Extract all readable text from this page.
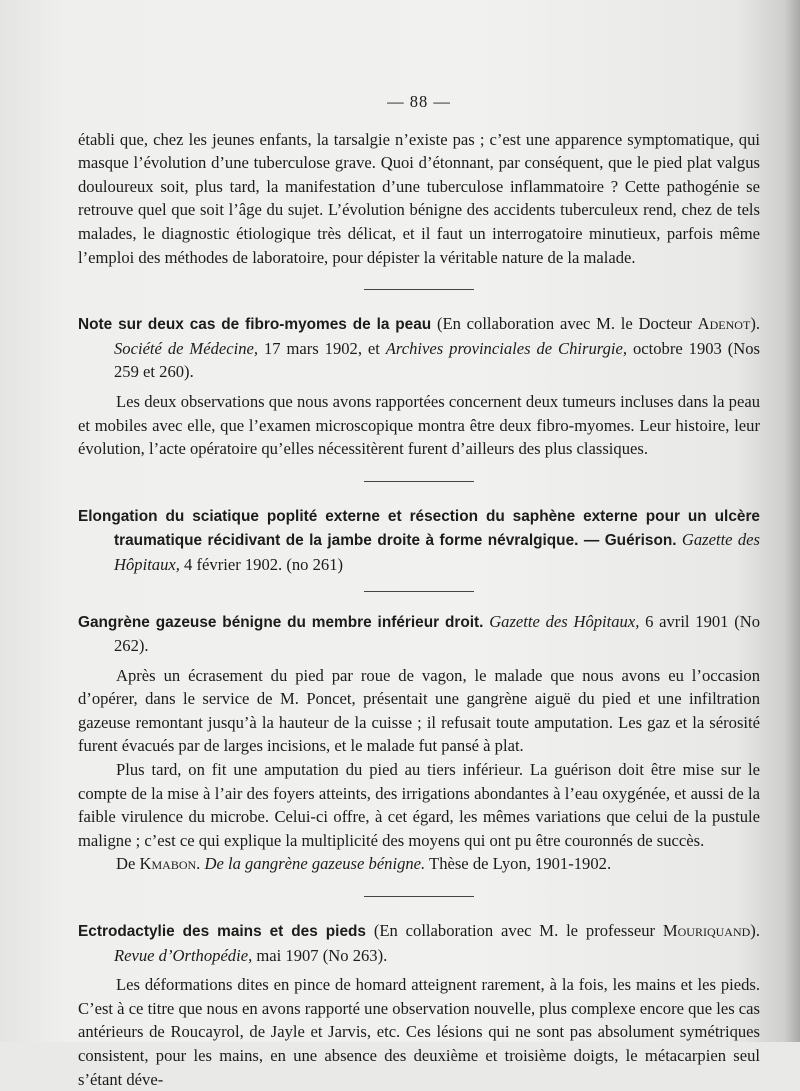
— 88 —

établi que, chez les jeunes enfants, la tarsalgie n’existe pas ; c’est une apparence symptomatique, qui masque l’évolution d’une tuberculose grave. Quoi d’étonnant, par conséquent, que le pied plat valgus douloureux soit, plus tard, la manifestation d’une tuberculose inflammatoire ? Cette pathogénie se retrouve quel que soit l’âge du sujet. L’évolution bénigne des accidents tuberculeux rend, chez de tels malades, le diagnostic étiologique très délicat, et il faut un interrogatoire minutieux, parfois même l’emploi des méthodes de laboratoire, pour dépister la véritable nature de la malade.

Note sur deux cas de fibro-myomes de la peau (En collaboration avec M. le Docteur Adenot). Société de Médecine, 17 mars 1902, et Archives provinciales de Chirurgie, octobre 1903 (Nos 259 et 260).

Les deux observations que nous avons rapportées concernent deux tumeurs incluses dans la peau et mobiles avec elle, que l’examen microscopique montra être deux fibro-myomes. Leur histoire, leur évolution, l’acte opératoire qu’elles nécessitèrent furent d’ailleurs des plus classiques.

Elongation du sciatique poplité externe et résection du saphène externe pour un ulcère traumatique récidivant de la jambe droite à forme névralgique. — Guérison. Gazette des Hôpitaux, 4 février 1902. (no 261)

Gangrène gazeuse bénigne du membre inférieur droit. Gazette des Hôpitaux, 6 avril 1901 (No 262).

Après un écrasement du pied par roue de vagon, le malade que nous avons eu l’occasion d’opérer, dans le service de M. Poncet, présentait une gangrène aiguë du pied et une infiltration gazeuse remontant jusqu’à la hauteur de la cuisse ; il refusait toute amputation. Les gaz et la sérosité furent évacués par de larges incisions, et le malade fut pansé à plat.

Plus tard, on fit une amputation du pied au tiers inférieur. La guérison doit être mise sur le compte de la mise à l’air des foyers atteints, des irrigations abondantes à l’eau oxygénée, et aussi de la faible virulence du microbe. Celui-ci offre, à cet égard, les mêmes variations que celui de la pustule maligne ; c’est ce qui explique la multiplicité des moyens qui ont pu être couronnés de succès.

De Kmabon. De la gangrène gazeuse bénigne. Thèse de Lyon, 1901-1902.

Ectrodactylie des mains et des pieds (En collaboration avec M. le professeur Mouriquand). Revue d’Orthopédie, mai 1907 (No 263).

Les déformations dites en pince de homard atteignent rarement, à la fois, les mains et les pieds. C’est à ce titre que nous en avons rapporté une observation nouvelle, plus complexe encore que les cas antérieurs de Roucayrol, de Jayle et Jarvis, etc. Ces lésions qui ne sont pas absolument symétriques consistent, pour les mains, en une absence des deuxième et troisième doigts, le métacarpien seul s’étant déve-
